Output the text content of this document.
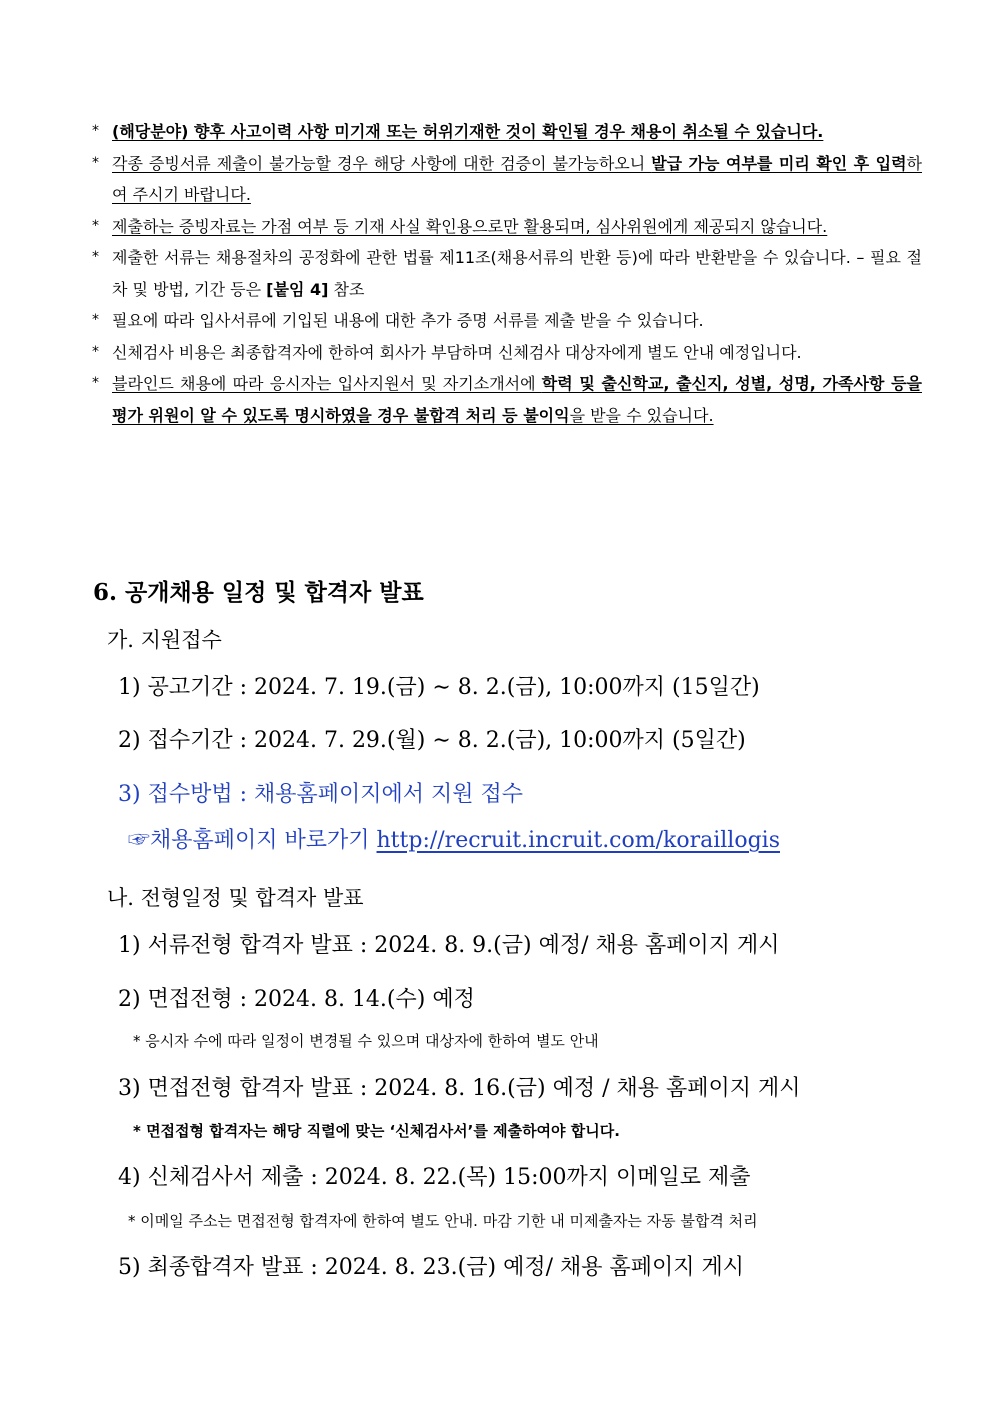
* (해당분야) 향후 사고이력 사항 미기재 또는 허위기재한 것이 확인될 경우 채용이 취소될 수 있습니다.
* 각종 증빙서류 제출이 불가능할 경우 해당 사항에 대한 검증이 불가능하오니 발급 가능 여부를 미리 확인 후 입력하여 주시기 바랍니다.
* 제출하는 증빙자료는 가점 여부 등 기재 사실 확인용으로만 활용되며, 심사위원에게 제공되지 않습니다.
* 제출한 서류는 채용절차의 공정화에 관한 법률 제11조(채용서류의 반환 등)에 따라 반환받을 수 있습니다. – 필요 절차 및 방법, 기간 등은 [붙임 4] 참조
* 필요에 따라 입사서류에 기입된 내용에 대한 추가 증명 서류를 제출 받을 수 있습니다.
* 신체검사 비용은 최종합격자에 한하여 회사가 부담하며 신체검사 대상자에게 별도 안내 예정입니다.
* 블라인드 채용에 따라 응시자는 입사지원서 및 자기소개서에 학력 및 출신학교, 출신지, 성별, 성명, 가족사항 등을 평가 위원이 알 수 있도록 명시하였을 경우 불합격 처리 등 불이익을 받을 수 있습니다.
6. 공개채용 일정 및 합격자 발표
가. 지원접수
1) 공고기간 : 2024. 7. 19.(금) ∼ 8. 2.(금), 10:00까지 (15일간)
2) 접수기간 : 2024. 7. 29.(월) ∼ 8. 2.(금), 10:00까지 (5일간)
3) 접수방법 : 채용홈페이지에서 지원 접수
☞채용홈페이지 바로가기 http://recruit.incruit.com/koraillogis
나. 전형일정 및 합격자 발표
1) 서류전형 합격자 발표 : 2024. 8. 9.(금) 예정/ 채용 홈페이지 게시
2) 면접전형 : 2024. 8. 14.(수) 예정
* 응시자 수에 따라 일정이 변경될 수 있으며 대상자에 한하여 별도 안내
3) 면접전형 합격자 발표 : 2024. 8. 16.(금) 예정 / 채용 홈페이지 게시
* 면접접형 합격자는 해당 직렬에 맞는 ‘신체검사서’를 제출하여야 합니다.
4) 신체검사서 제출 : 2024. 8. 22.(목) 15:00까지 이메일로 제출
* 이메일 주소는 면접전형 합격자에 한하여 별도 안내. 마감 기한 내 미제출자는 자동 불합격 처리
5) 최종합격자 발표 : 2024. 8. 23.(금) 예정/ 채용 홈페이지 게시
